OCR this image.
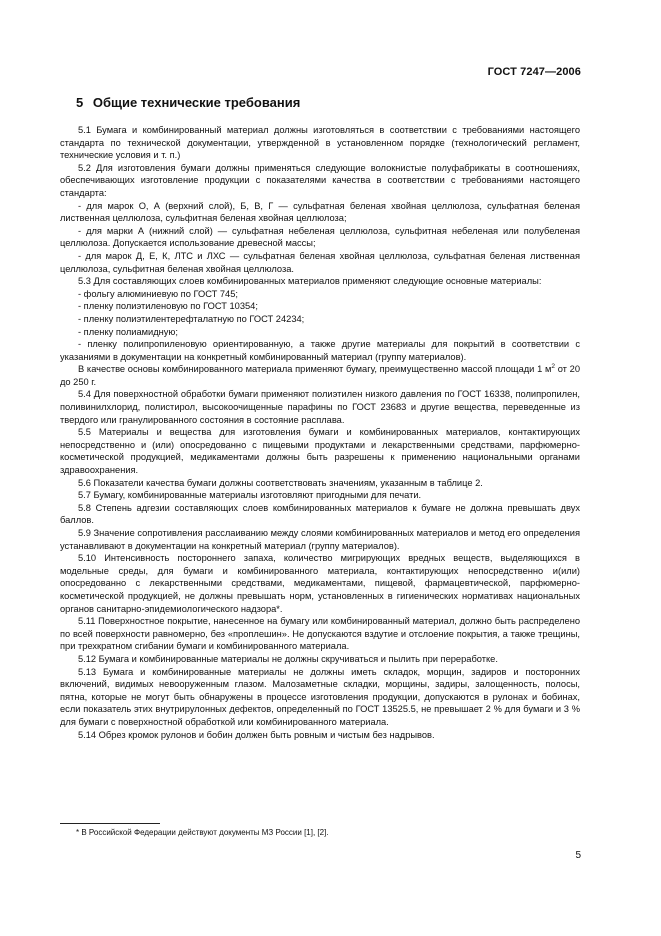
ГОСТ 7247—2006
5 Общие технические требования

5.1 Бумага и комбинированный материал должны изготовляться в соответствии с требованиями настоящего стандарта по технической документации, утвержденной в установленном порядке (технологический регламент, технические условия и т. п.)

5.2 Для изготовления бумаги должны применяться следующие волокнистые полуфабрикаты в соотношениях, обеспечивающих изготовление продукции с показателями качества в соответствии с требованиями настоящего стандарта:

- для марок О, А (верхний слой), Б, В, Г — сульфатная беленая хвойная целлюлоза, сульфатная беленая лиственная целлюлоза, сульфитная беленая хвойная целлюлоза;

- для марки А (нижний слой) — сульфатная небеленая целлюлоза, сульфитная небеленая или полубеленая целлюлоза. Допускается использование древесной массы;

- для марок Д, Е, К, ЛТС и ЛХС — сульфатная беленая хвойная целлюлоза, сульфатная беленая лиственная целлюлоза, сульфитная беленая хвойная целлюлоза.

5.3 Для составляющих слоев комбинированных материалов применяют следующие основные материалы:

- фольгу алюминиевую по ГОСТ 745;

- пленку полиэтиленовую по ГОСТ 10354;

- пленку полиэтилентерефталатную по ГОСТ 24234;

- пленку полиамидную;

- пленку полипропиленовую ориентированную, а также другие материалы для покрытий в соответствии с указаниями в документации на конкретный комбинированный материал (группу материалов).

В качестве основы комбинированного материала применяют бумагу, преимущественно массой площади 1 $м^2$ от 20 до 250 г.

5.4 Для поверхностной обработки бумаги применяют полиэтилен низкого давления по ГОСТ 16338, полипропилен, поливинилхлорид, полистирол, высокоочищенные парафины по ГОСТ 23683 и другие вещества, переведенные из твердого или гранулированного состояния в состояние расплава.

5.5 Материалы и вещества для изготовления бумаги и комбинированных материалов, контактирующих непосредственно и (или) опосредованно с пищевыми продуктами и лекарственными средствами, парфюмерно-косметической продукцией, медикаментами должны быть разрешены к применению национальными органами здравоохранения.

5.6 Показатели качества бумаги должны соответствовать значениям, указанным в таблице 2.

5.7 Бумагу, комбинированные материалы изготовляют пригодными для печати.

5.8 Степень адгезии составляющих слоев комбинированных материалов к бумаге не должна превышать двух баллов.

5.9 Значение сопротивления расслаиванию между слоями комбинированных материалов и метод его определения устанавливают в документации на конкретный материал (группу материалов).

5.10 Интенсивность постороннего запаха, количество мигрирующих вредных веществ, выделяющихся в модельные среды, для бумаги и комбинированного материала, контактирующих непосредственно и(или) опосредованно с лекарственными средствами, медикаментами, пищевой, фармацевтической, парфюмерно-косметической продукцией, не должны превышать норм, установленных в гигиенических нормативах национальных органов санитарно-эпидемиологического надзора*.

5.11 Поверхностное покрытие, нанесенное на бумагу или комбинированный материал, должно быть распределено по всей поверхности равномерно, без «проплешин». Не допускаются вздутие и отслоение покрытия, а также трещины, при трехкратном сгибании бумаги и комбинированного материала.

5.12 Бумага и комбинированные материалы не должны скручиваться и пылить при переработке.

5.13 Бумага и комбинированные материалы не должны иметь складок, морщин, задиров и посторонних включений, видимых невооруженным глазом. Малозаметные складки, морщины, задиры, залощенность, полосы, пятна, которые не могут быть обнаружены в процессе изготовления продукции, допускаются в рулонах и бобинах, если показатель этих внутрирулонных дефектов, определенный по ГОСТ 13525.5, не превышает 2 % для бумаги и 3 % для бумаги с поверхностной обработкой или комбинированного материала.

5.14 Обрез кромок рулонов и бобин должен быть ровным и чистым без надрывов.

* В Российской Федерации действуют документы МЗ России [1], [2].
5
